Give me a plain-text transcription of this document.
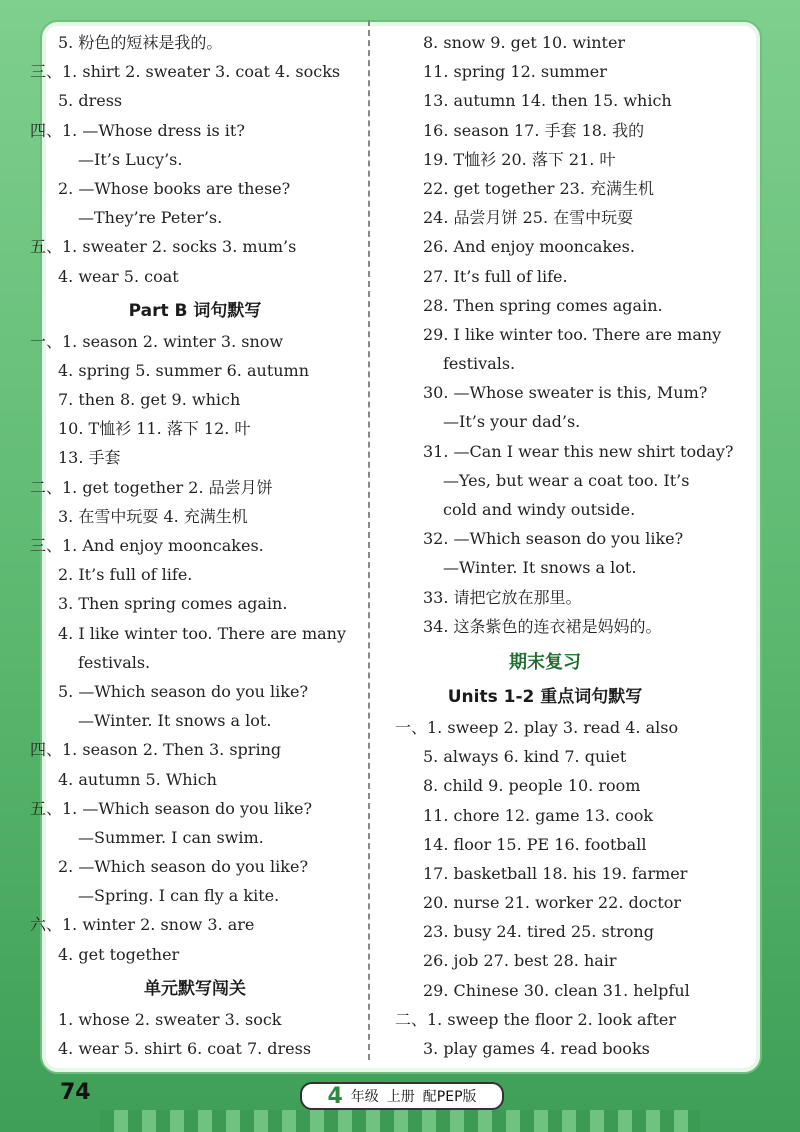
5. 粉色的短袜是我的。
三、1. shirt 2. sweater 3. coat 4. socks
5. dress
四、1. —Whose dress is it?
—It’s Lucy’s.
2. —Whose books are these?
—They’re Peter’s.
五、1. sweater 2. socks 3. mum’s
4. wear 5. coat
Part B 词句默写
一、1. season 2. winter 3. snow
4. spring 5. summer 6. autumn
7. then 8. get 9. which
10. T恤衫 11. 落下 12. 叶
13. 手套
二、1. get together 2. 品尝月饼
3. 在雪中玩耍 4. 充满生机
三、1. And enjoy mooncakes.
2. It’s full of life.
3. Then spring comes again.
4. I like winter too. There are many
festivals.
5. —Which season do you like?
—Winter. It snows a lot.
四、1. season 2. Then 3. spring
4. autumn 5. Which
五、1. —Which season do you like?
—Summer. I can swim.
2. —Which season do you like?
—Spring. I can fly a kite.
六、1. winter 2. snow 3. are
4. get together
单元默写闯关
1. whose 2. sweater 3. sock
4. wear 5. shirt 6. coat 7. dress
8. snow 9. get 10. winter
11. spring 12. summer
13. autumn 14. then 15. which
16. season 17. 手套 18. 我的
19. T恤衫 20. 落下 21. 叶
22. get together 23. 充满生机
24. 品尝月饼 25. 在雪中玩耍
26. And enjoy mooncakes.
27. It’s full of life.
28. Then spring comes again.
29. I like winter too. There are many
festivals.
30. —Whose sweater is this, Mum?
—It’s your dad’s.
31. —Can I wear this new shirt today?
—Yes, but wear a coat too. It’s
cold and windy outside.
32. —Which season do you like?
—Winter. It snows a lot.
33. 请把它放在那里。
34. 这条紫色的连衣裙是妈妈的。
期末复习
Units 1-2 重点词句默写
一、1. sweep 2. play 3. read 4. also
5. always 6. kind 7. quiet
8. child 9. people 10. room
11. chore 12. game 13. cook
14. floor 15. PE 16. football
17. basketball 18. his 19. farmer
20. nurse 21. worker 22. doctor
23. busy 24. tired 25. strong
26. job 27. best 28. hair
29. Chinese 30. clean 31. helpful
二、1. sweep the floor 2. look after
3. play games 4. read books
74	4 年级 上册 配PEP版
